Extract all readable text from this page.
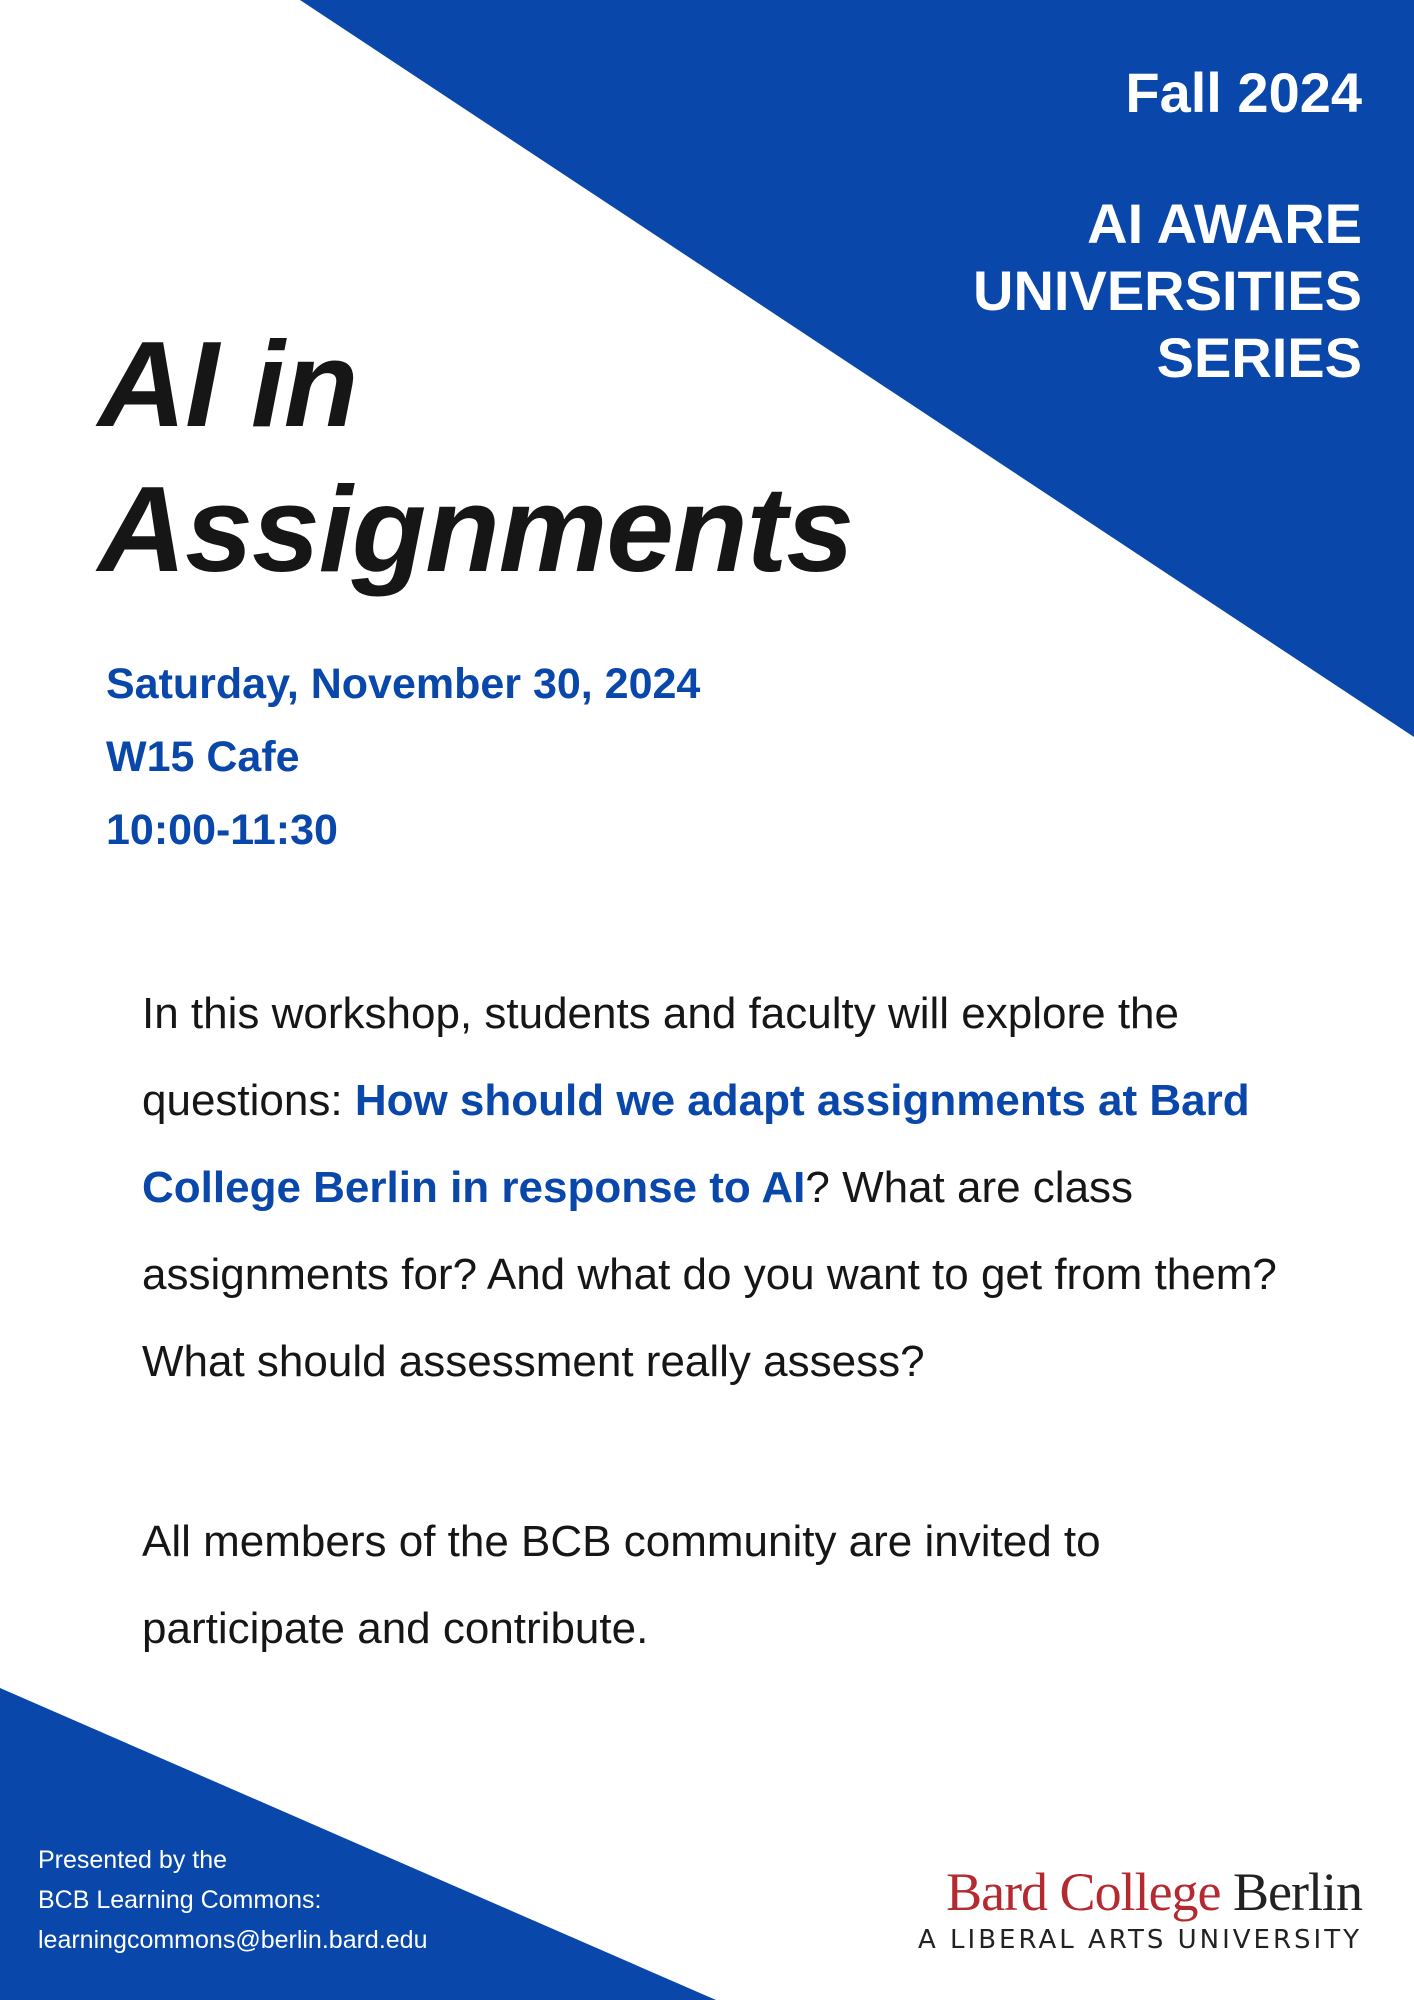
Fall 2024
AI AWARE UNIVERSITIES SERIES
AI in Assignments
Saturday, November 30, 2024
W15 Cafe
10:00-11:30

In this workshop, students and faculty will explore the questions: How should we adapt assignments at Bard College Berlin in response to AI? What are class assignments for? And what do you want to get from them? What should assessment really assess?

All members of the BCB community are invited to participate and contribute.

Presented by the
BCB Learning Commons:
learningcommons@berlin.bard.edu
Bard College Berlin
A LIBERAL ARTS UNIVERSITY
